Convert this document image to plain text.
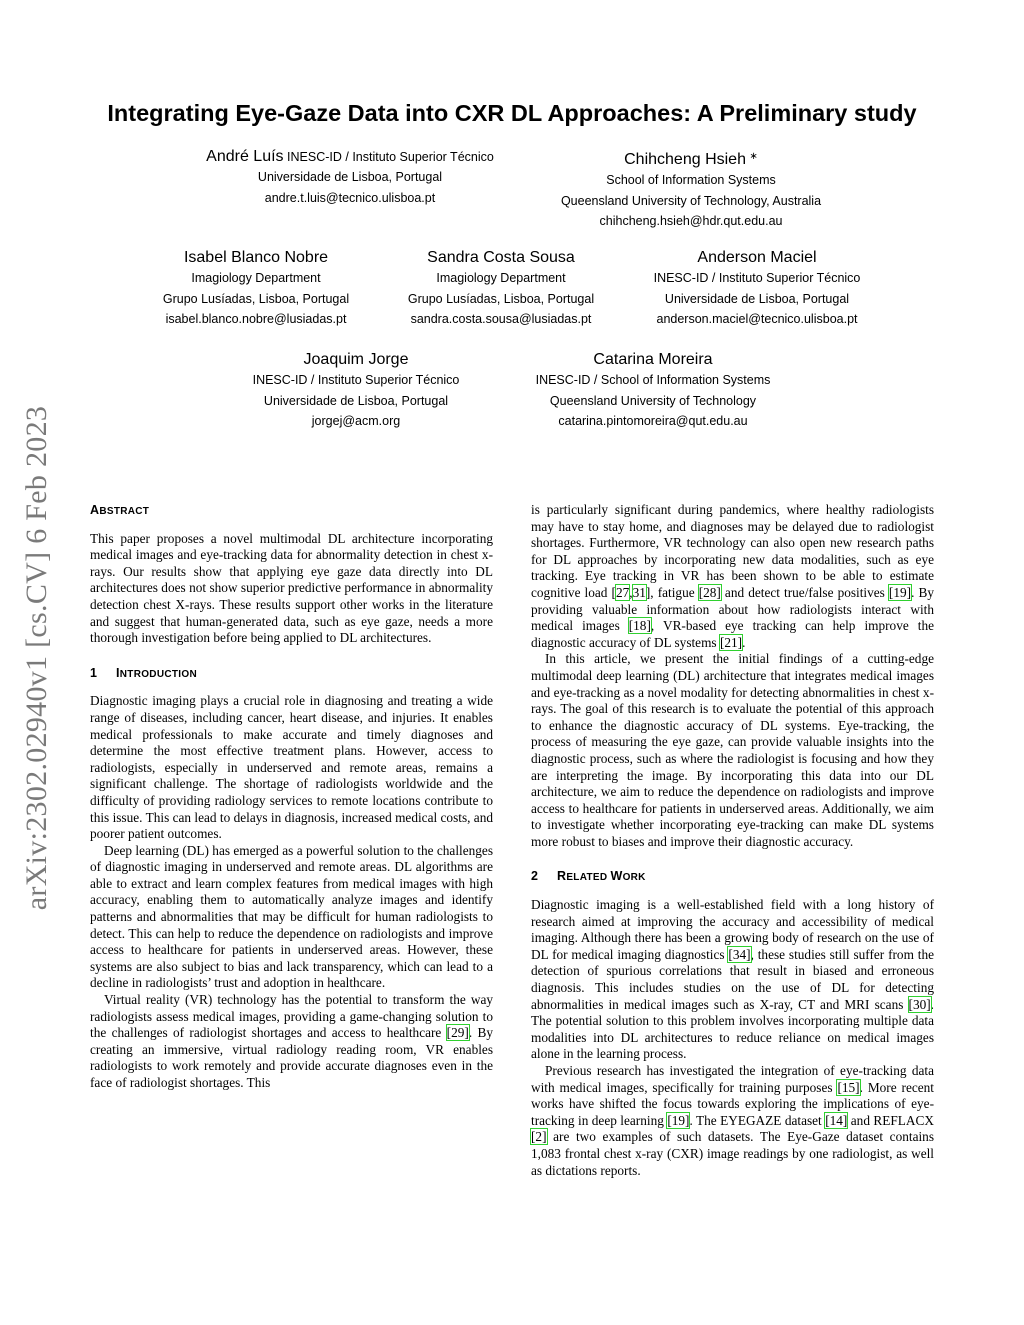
arXiv:2302.02940v1 [cs.CV] 6 Feb 2023
Integrating Eye-Gaze Data into CXR DL Approaches: A Preliminary study
André Luís INESC-ID / Instituto Superior Técnico
Universidade de Lisboa, Portugal
andre.t.luis@tecnico.ulisboa.pt
Chihcheng Hsieh ∗
School of Information Systems
Queensland University of Technology, Australia
chihcheng.hsieh@hdr.qut.edu.au
Isabel Blanco Nobre
Imagiology Department
Grupo Lusíadas, Lisboa, Portugal
isabel.blanco.nobre@lusiadas.pt
Sandra Costa Sousa
Imagiology Department
Grupo Lusíadas, Lisboa, Portugal
sandra.costa.sousa@lusiadas.pt
Anderson Maciel
INESC-ID / Instituto Superior Técnico
Universidade de Lisboa, Portugal
anderson.maciel@tecnico.ulisboa.pt
Joaquim Jorge
INESC-ID / Instituto Superior Técnico
Universidade de Lisboa, Portugal
jorgej@acm.org
Catarina Moreira
INESC-ID / School of Information Systems
Queensland University of Technology
catarina.pintomoreira@qut.edu.au
ABSTRACT

This paper proposes a novel multimodal DL architecture incorporating medical images and eye-tracking data for abnormality detection in chest x-rays. Our results show that applying eye gaze data directly into DL architectures does not show superior predictive performance in abnormality detection chest X-rays. These results support other works in the literature and suggest that human-generated data, such as eye gaze, needs a more thorough investigation before being applied to DL architectures.

1 INTRODUCTION

Diagnostic imaging plays a crucial role in diagnosing and treating a wide range of diseases, including cancer, heart disease, and injuries. It enables medical professionals to make accurate and timely diagnoses and determine the most effective treatment plans. However, access to radiologists, especially in underserved and remote areas, remains a significant challenge. The shortage of radiologists worldwide and the difficulty of providing radiology services to remote locations contribute to this issue. This can lead to delays in diagnosis, increased medical costs, and poorer patient outcomes.

Deep learning (DL) has emerged as a powerful solution to the challenges of diagnostic imaging in underserved and remote areas. DL algorithms are able to extract and learn complex features from medical images with high accuracy, enabling them to automatically analyze images and identify patterns and abnormalities that may be difficult for human radiologists to detect. This can help to reduce the dependence on radiologists and improve access to healthcare for patients in underserved areas. However, these systems are also subject to bias and lack transparency, which can lead to a decline in radiologists’ trust and adoption in healthcare.

Virtual reality (VR) technology has the potential to transform the way radiologists assess medical images, providing a game-changing solution to the challenges of radiologist shortages and access to healthcare [29]. By creating an immersive, virtual radiology reading room, VR enables radiologists to work remotely and provide accurate diagnoses even in the face of radiologist shortages. This

is particularly significant during pandemics, where healthy radiologists may have to stay home, and diagnoses may be delayed due to radiologist shortages. Furthermore, VR technology can also open new research paths for DL approaches by incorporating new data modalities, such as eye tracking. Eye tracking in VR has been shown to be able to estimate cognitive load [27,31], fatigue [28] and detect true/false positives [19]. By providing valuable information about how radiologists interact with medical images [18], VR-based eye tracking can help improve the diagnostic accuracy of DL systems [21].

In this article, we present the initial findings of a cutting-edge multimodal deep learning (DL) architecture that integrates medical images and eye-tracking as a novel modality for detecting abnormalities in chest x-rays. The goal of this research is to evaluate the potential of this approach to enhance the diagnostic accuracy of DL systems. Eye-tracking, the process of measuring the eye gaze, can provide valuable insights into the diagnostic process, such as where the radiologist is focusing and how they are interpreting the image. By incorporating this data into our DL architecture, we aim to reduce the dependence on radiologists and improve access to healthcare for patients in underserved areas. Additionally, we aim to investigate whether incorporating eye-tracking can make DL systems more robust to biases and improve their diagnostic accuracy.

2 RELATED WORK

Diagnostic imaging is a well-established field with a long history of research aimed at improving the accuracy and accessibility of medical imaging. Although there has been a growing body of research on the use of DL for medical imaging diagnostics [34], these studies still suffer from the detection of spurious correlations that result in biased and erroneous diagnosis. This includes studies on the use of DL for detecting abnormalities in medical images such as X-ray, CT and MRI scans [30]. The potential solution to this problem involves incorporating multiple data modalities into DL architectures to reduce reliance on medical images alone in the learning process.

Previous research has investigated the integration of eye-tracking data with medical images, specifically for training purposes [15]. More recent works have shifted the focus towards exploring the implications of eye-tracking in deep learning [19]. The EYEGAZE dataset [14] and REFLACX [2] are two examples of such datasets. The Eye-Gaze dataset contains 1,083 frontal chest x-ray (CXR) image readings by one radiologist, as well as dictations reports.
